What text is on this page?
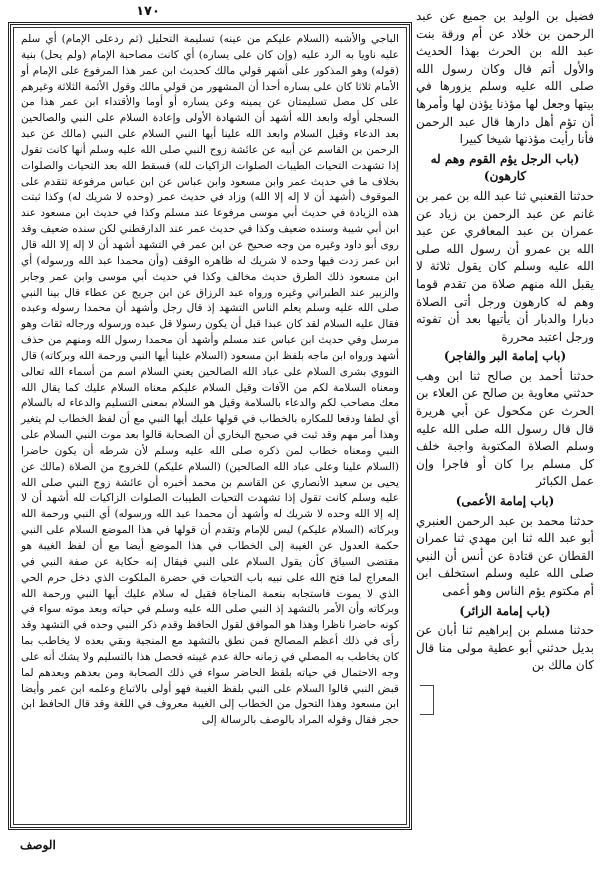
١٧٠	فضيل بن الوليد بن جميع عن عبد الرحمن بن خلاد عن أم ورقة بنت عبد الله بن الحرث بهذا الحديث والأول أتم قال وكان رسول الله صلى الله عليه وسلم يزورها في بيتها وجعل لها مؤذنا يؤذن لها وأمرها أن تؤم أهل دارها قال عبد الرحمن فأنا رأيت مؤذنها شيخا كبيرا

(باب الرجل يؤم القوم وهم له كارهون)

حدثنا القعنبي ثنا عبد الله بن عمر بن غانم عن عبد الرحمن بن زياد عن عمران بن عبد المعافري عن عبد الله بن عمرو أن رسول الله صلى الله عليه وسلم كان يقول ثلاثة لا يقبل الله منهم صلاة من تقدم قوما وهم له كارهون ورجل أتى الصلاة دبارا والدبار أن يأتيها بعد أن تفوته ورجل اعتبد محررة

(باب إمامة البر والفاجر)

حدثنا أحمد بن صالح ثنا ابن وهب حدثني معاوية بن صالح عن العلاء بن الحرث عن مكحول عن أبي هريرة قال قال رسول الله صلى الله عليه وسلم الصلاة المكتوبة واجبة خلف كل مسلم برا كان أو فاجرا وإن عمل الكبائر

(باب إمامة الأعمى)

حدثنا محمد بن عبد الرحمن العنبري أبو عبد الله ثنا ابن مهدي ثنا عمران القطان عن قتادة عن أنس أن النبي صلى الله عليه وسلم استخلف ابن أم مكتوم يؤم الناس وهو أعمى

(باب إمامة الزائر)

حدثنا مسلم بن إبراهيم ثنا أبان عن بديل حدثني أبو عطية مولى منا قال كان مالك بن

الباجي والأشبه (السلام عليكم من عينه) تسليمة التحليل (ثم ردعلى الإمام) أي سلم عليه ناويا به الرد عليه (وإن كان على يساره) أي كانت مصاحبة الإمام (ولم يحل) بنية (قوله) وهو المذكور على أشهر قولي مالك كحديث ابن عمر هذا المرفوع على الإمام أو الأمام ثلاثا كان على بساره أحدا أن المشهور من قولي مالك وقول الأئمة الثلاثة وغيرهم على كل مصل تسليمتان عن يمينه وعن يساره أو أوما والأقتداء ابن عمر هذا من السجلي أوله وابعد الله أشهد أن الشهادة الأولى وإعادة السلام على النبي والصالحين بعد الدعاء وقيل السلام وابعد الله علينا أيها النبي السلام على النبي (مالك عن عبد الرحمن بن القاسم عن أبيه عن عائشة زوج النبي صلى الله عليه وسلم أنها كانت تقول إذا تشهدت التحيات الطيبات الصلوات الزاكيات لله) فسقط الله بعد التحيات والصلوات بخلاف ما في حديث عمر وابن مسعود وابن عباس عن ابن عباس مرفوعة تتقدم على الموقوف (أشهد أن لا إله إلا الله) وزاد في حديث عمر (وحده لا شريك له) وكذا ثبتت هذه الزيادة في حديث أبي موسى مرفوعا عند مسلم وكذا في حديث ابن مسعود عند ابن أبي شيبة وسنده ضعيف وكذا في حديث عمر عند الدارقطني لكن سنده ضعيف وقد روى أبو داود وغيره من وجه صحيح عن ابن عمر في التشهد أشهد أن لا إله إلا الله قال ابن عمر زدت فيها وحده لا شريك له ظاهره الوقف (وأن محمدا عبد الله ورسوله) أي ابن مسعود ذلك الطرق حديث مخالف وكذا في حديث أبي موسى وابن عمر وجابر والزبير عند الطبراني وغيره ورواه عبد الرزاق عن ابن جريج عن عطاء قال بينا النبي صلى الله عليه وسلم يعلم الناس التشهد إذ قال رجل وأشهد أن محمدا رسوله وعبده فقال عليه السلام لقد كان عبدا قبل أن يكون رسولا قل عبده ورسوله ورجاله ثقات وهو مرسل وفي حديث ابن عباس عند مسلم وأشهد أن محمدا رسول الله ومنهم من حذف أشهد ورواه ابن ماجه بلفظ ابن مسعود (السلام علينا أيها النبي ورحمة الله وبركاته) قال النووي بشرى السلام على عباد الله الصالحين يعني السلام اسم من أسماء الله تعالى ومعناه السلامة لكم من الآفات وقيل السلام عليكم معناه السلام عليك كما يقال الله معك مصاحب لكم والدعاء بالسلامة وقيل هو السلام بمعنى التسليم والدعاء له بالسلام أي لطفا ودفعا للمكاره بالخطاب في قولها عليك أيها النبي مع أن لفظ الخطاب لم يتغير وهذا أمر مهم وقد ثبت في صحيح البخاري أن الصحابة قالوا بعد موت النبي السلام على النبي ومعناه خطاب لمن ذكره صلى الله عليه وسلم لأن شرطه أن يكون حاضرا (السلام علينا وعلى عباد الله الصالحين) (السلام عليكم) للخروج من الصلاة (مالك عن يحيى بن سعيد الأنصاري عن القاسم بن محمد أخبره أن عائشة زوج النبي صلى الله عليه وسلم كانت تقول إذا تشهدت التحيات الطيبات الصلوات الزاكيات لله أشهد أن لا إله إلا الله وحده لا شريك له وأشهد أن محمدا عبد الله ورسوله) أي النبي ورحمة الله وبركاته (السلام عليكم) ليس للإمام وتقدم أن قولها في هذا الموضع السلام على النبي حكمة العدول عن الغيبة إلى الخطاب في هذا الموضع أيضا مع أن لفظ الغيبة هو مقتضى السياق كأن يقول السلام على النبي فيقال إنه حكاية عن صفة النبي في المعراج لما فتح الله على نبيه باب التحيات في حضرة الملكوت الذي دخل حرم الحي الذي لا يموت فاستجابه بنعمة المناجاة فقيل له سلام عليك أيها النبي ورحمة الله وبركاته وأن الأمر بالتشهد إذ النبي صلى الله عليه وسلم في حياته وبعد موته سواء في كونه حاضرا ناظرا وهذا هو الموافق لقول الحافظ وقدم ذكر النبي وحده في التشهد وقد رأى في ذلك أعظم المصالح فمن نطق بالتشهد مع المنجية وبقي بعده لا يخاطب بما كان يخاطب به المصلي في زمانه حالة عدم غيبته فحصل هذا بالتسليم ولا يشك أنه على وجه الاحتمال في حياته بلفظ الحاضر سواء في ذلك الصحابة ومن بعدهم وبعدهم لما قبض النبي قالوا السلام على النبي بلفظ الغيبة فهو أولى بالاتباع وعلمه ابن عمر وأيضا ابن مسعود وهذا التحول من الخطاب إلى الغيبة معروف في اللغة وقد قال الحافظ ابن حجر فقال وقوله المراد بالوصف بالرسالة إلى

الوصف
